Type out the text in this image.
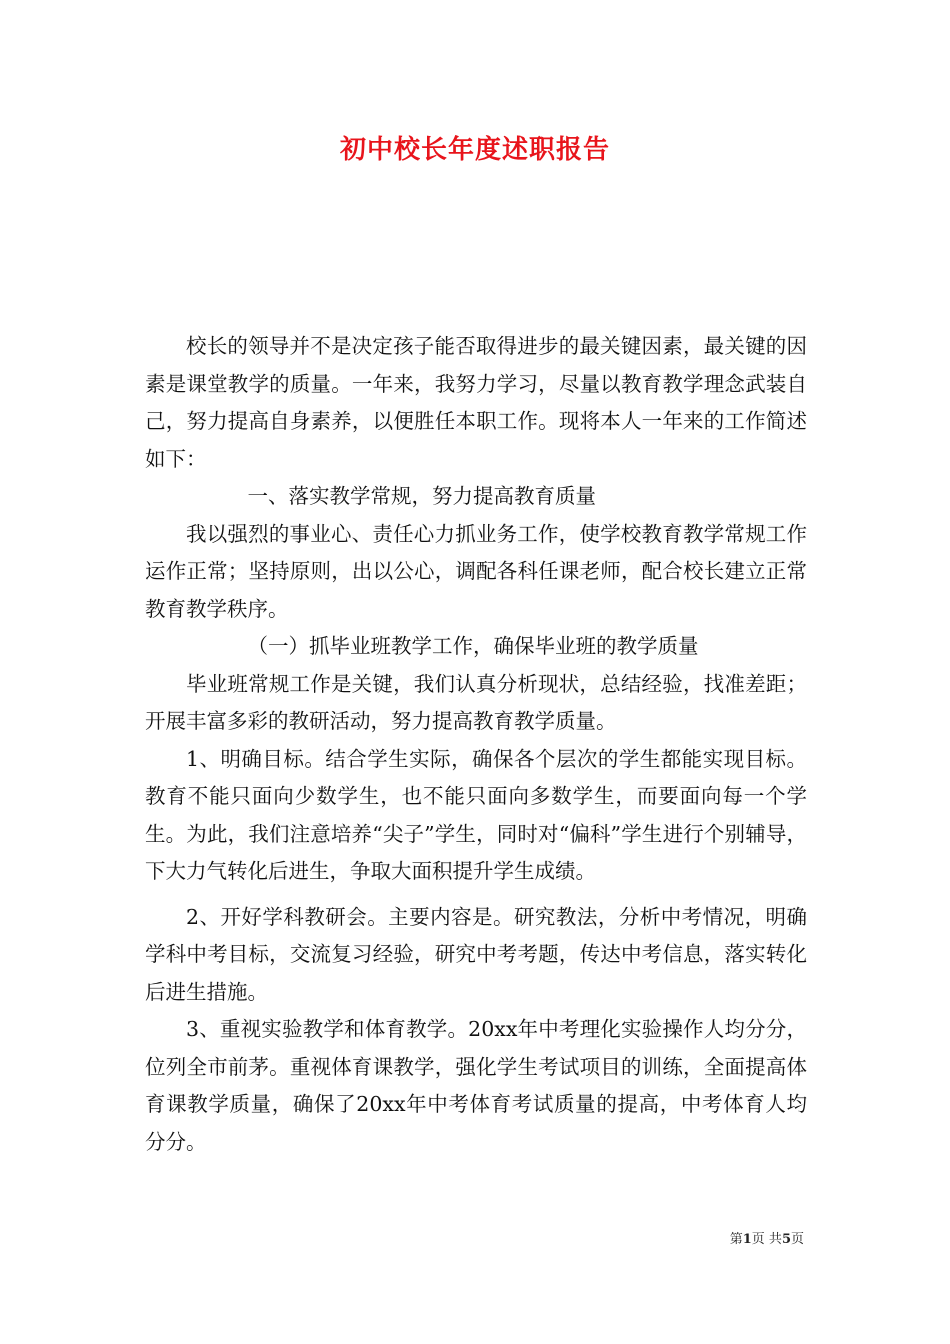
初中校长年度述职报告

校长的领导并不是决定孩子能否取得进步的最关键因素，最关键的因素是课堂教学的质量。一年来，我努力学习，尽量以教育教学理念武装自己，努力提高自身素养，以便胜任本职工作。现将本人一年来的工作简述如下：

一、落实教学常规，努力提高教育质量

我以强烈的事业心、责任心力抓业务工作，使学校教育教学常规工作运作正常；坚持原则，出以公心，调配各科任课老师，配合校长建立正常教育教学秩序。

（一）抓毕业班教学工作，确保毕业班的教学质量

毕业班常规工作是关键，我们认真分析现状，总结经验，找准差距；开展丰富多彩的教研活动，努力提高教育教学质量。

1、明确目标。结合学生实际，确保各个层次的学生都能实现目标。教育不能只面向少数学生，也不能只面向多数学生，而要面向每一个学生。为此，我们注意培养“尖子”学生，同时对“偏科”学生进行个别辅导，下大力气转化后进生，争取大面积提升学生成绩。

2、开好学科教研会。主要内容是。研究教法，分析中考情况，明确学科中考目标，交流复习经验，研究中考考题，传达中考信息，落实转化后进生措施。

3、重视实验教学和体育教学。20xx年中考理化实验操作人均分分，位列全市前茅。重视体育课教学，强化学生考试项目的训练，全面提高体育课教学质量，确保了20xx年中考体育考试质量的提高，中考体育人均分分。

第1页 共5页
